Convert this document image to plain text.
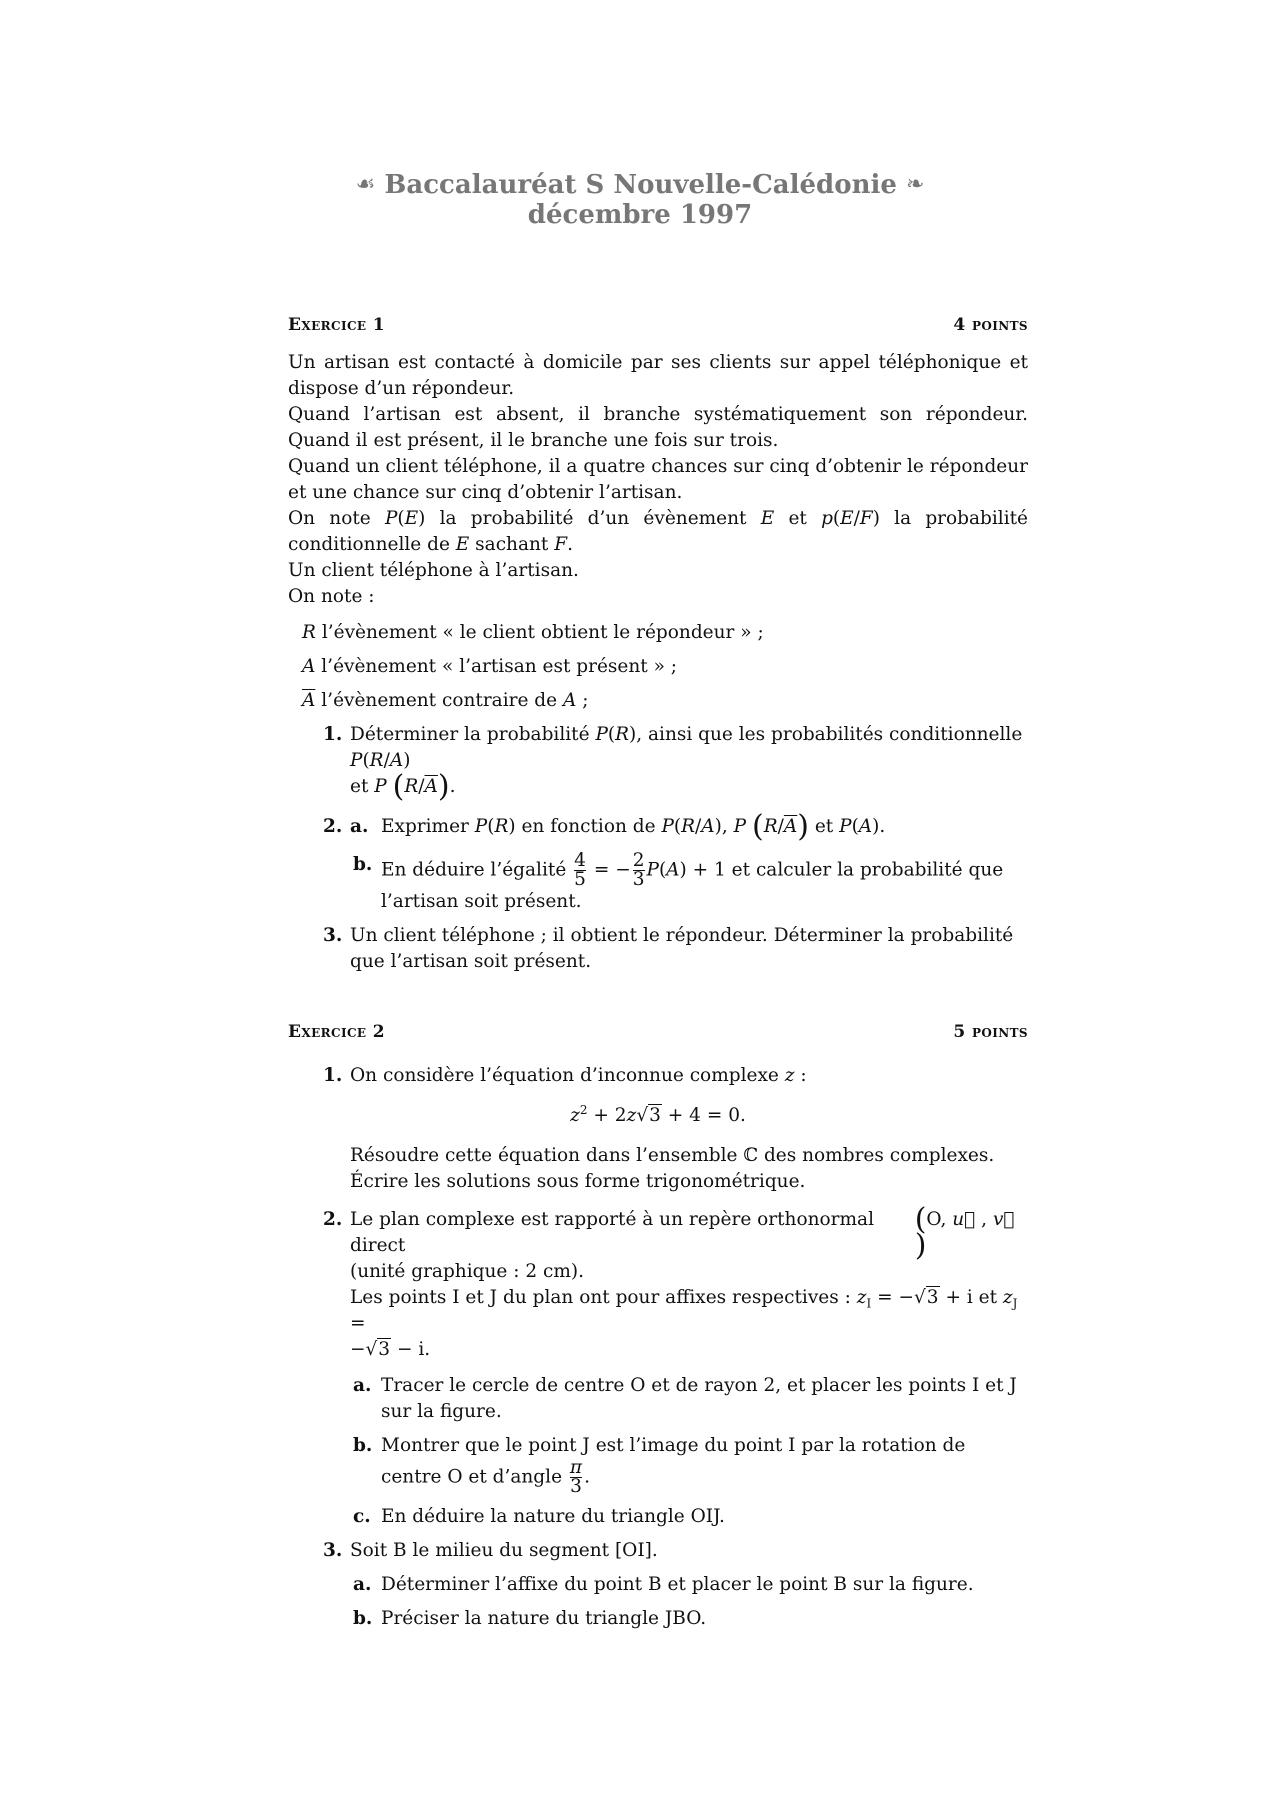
☙ Baccalauréat S Nouvelle-Calédonie ❧
décembre 1997
Exercice 1	4 points
Un artisan est contacté à domicile par ses clients sur appel téléphonique et dispose d’un répondeur.
Quand l’artisan est absent, il branche systématiquement son répondeur. Quand il est présent, il le branche une fois sur trois.
Quand un client téléphone, il a quatre chances sur cinq d’obtenir le répondeur et une chance sur cinq d’obtenir l’artisan.
On note P(E) la probabilité d’un évènement E et p(E/F) la probabilité conditionnelle de E sachant F.
Un client téléphone à l’artisan.
On note :
R l’évènement « le client obtient le répondeur » ;
A l’évènement « l’artisan est présent » ;
$\overline{A}$ l’évènement contraire de A ;
1. Déterminer la probabilité P(R), ainsi que les probabilités conditionnelle P(R/A)
et P $(R/\overline{A})$.
2. a. Exprimer P(R) en fonction de P(R/A), P $(R/\overline{A})$ et P(A).
b. En déduire l’égalité $\frac{4}{5}$ = − $\frac{2}{3} P(A) + 1$ et calculer la probabilité que l’artisan soit présent.
3. Un client téléphone ; il obtient le répondeur. Déterminer la probabilité que l’artisan soit présent.
Exercice 2	5 points
1. On considère l’équation d’inconnue complexe z :
$z^2 + 2z√3 + 4 = 0$.
Résoudre cette équation dans l’ensemble ℂ des nombres complexes.
Écrire les solutions sous forme trigonométrique.
2. Le plan complexe est rapporté à un repère orthonormal direct
(O, u⃗ , v⃗ )
(unité graphique : 2 cm).
Les points I et J du plan ont pour affixes respectives : $z_I = -√3 + i$ et $z_J$ =
−√3 − i.
a. Tracer le cercle de centre O et de rayon 2, et placer les points I et J sur la figure.
b. Montrer que le point J est l’image du point I par la rotation de centre O et d’angle $\frac{\pi}{3}$ .
c. En déduire la nature du triangle OIJ.
3. Soit B le milieu du segment [OI].
a. Déterminer l’affixe du point B et placer le point B sur la figure.
b. Préciser la nature du triangle JBO.
